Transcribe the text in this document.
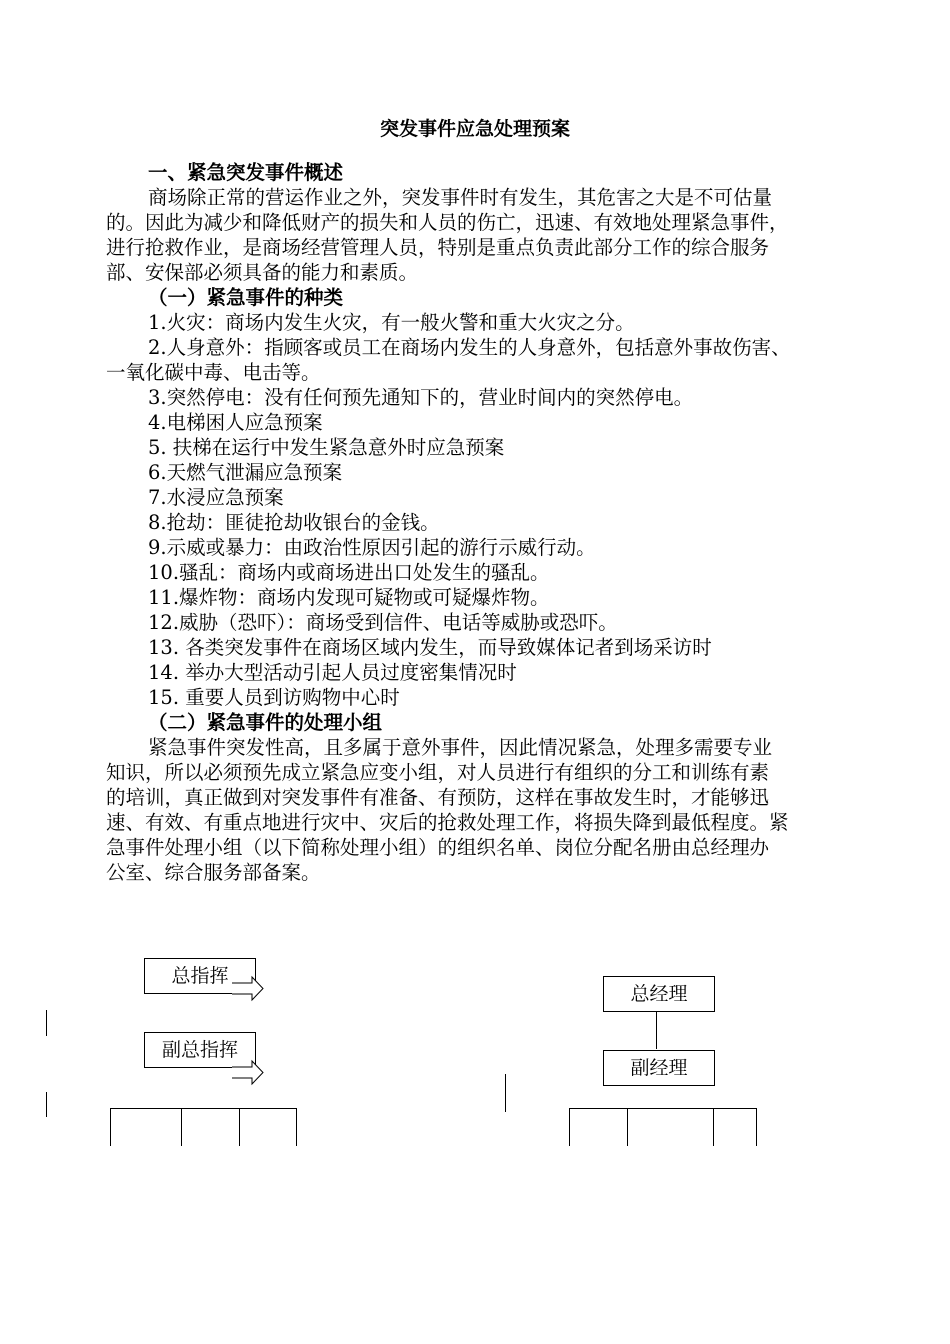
突发事件应急处理预案
一、紧急突发事件概述
商场除正常的营运作业之外，突发事件时有发生，其危害之大是不可估量
的。因此为减少和降低财产的损失和人员的伤亡，迅速、有效地处理紧急事件，
进行抢救作业，是商场经营管理人员，特别是重点负责此部分工作的综合服务
部、安保部必须具备的能力和素质。
（一）紧急事件的种类
1.火灾：商场内发生火灾，有一般火警和重大火灾之分。
2.人身意外：指顾客或员工在商场内发生的人身意外，包括意外事故伤害、
一氧化碳中毒、电击等。
3.突然停电：没有任何预先通知下的，营业时间内的突然停电。
4.电梯困人应急预案
5. 扶梯在运行中发生紧急意外时应急预案
6.天燃气泄漏应急预案
7.水浸应急预案
8.抢劫：匪徒抢劫收银台的金钱。
9.示威或暴力：由政治性原因引起的游行示威行动。
10.骚乱：商场内或商场进出口处发生的骚乱。
11.爆炸物：商场内发现可疑物或可疑爆炸物。
12.威胁（恐吓）：商场受到信件、电话等威胁或恐吓。
13. 各类突发事件在商场区域内发生，而导致媒体记者到场采访时
14. 举办大型活动引起人员过度密集情况时
15. 重要人员到访购物中心时
（二）紧急事件的处理小组
紧急事件突发性高，且多属于意外事件，因此情况紧急，处理多需要专业
知识，所以必须预先成立紧急应变小组，对人员进行有组织的分工和训练有素
的培训，真正做到对突发事件有准备、有预防，这样在事故发生时，才能够迅
速、有效、有重点地进行灾中、灾后的抢救处理工作，将损失降到最低程度。紧
急事件处理小组（以下简称处理小组）的组织名单、岗位分配名册由总经理办
公室、综合服务部备案。
总指挥
副总指挥
总经理
副经理
